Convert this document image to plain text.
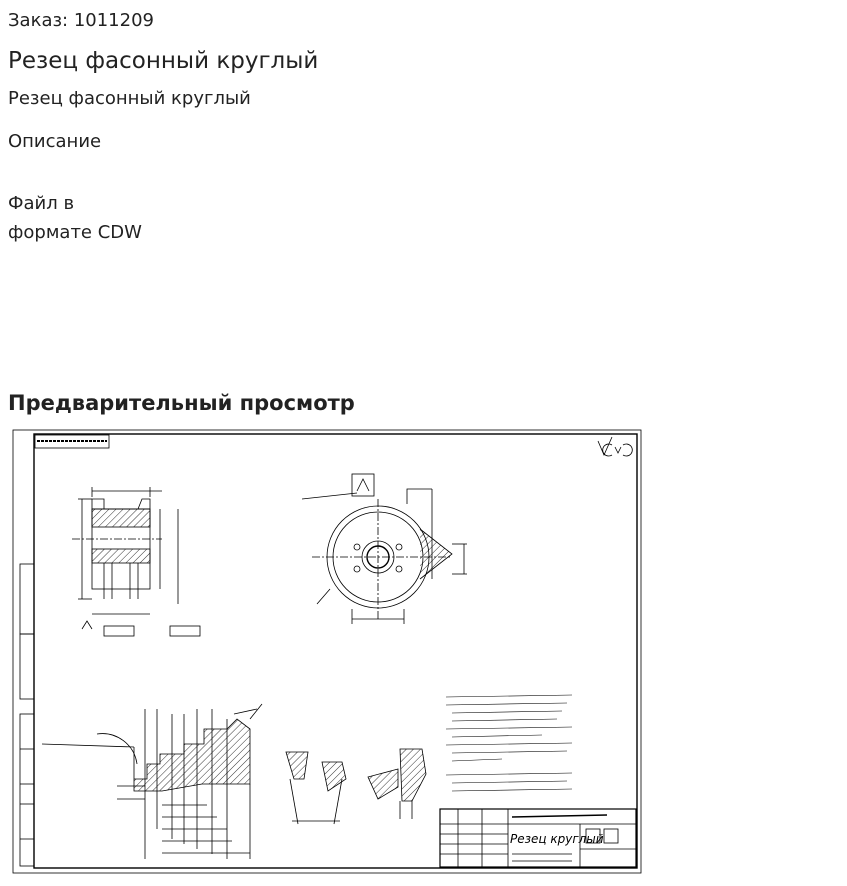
Заказ: 1011209
Резец фасонный круглый
Резец фасонный круглый
Описание
Файл в
формате CDW
Предварительный просмотр
Резец круглый
